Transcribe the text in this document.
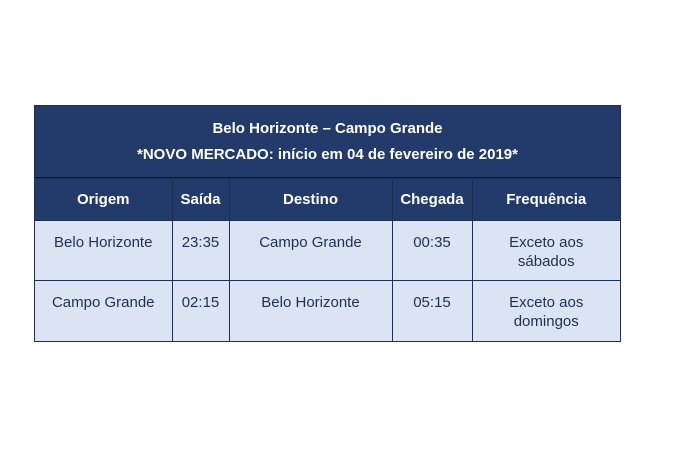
Belo Horizonte – Campo Grande
*NOVO MERCADO: início em 04 de fevereiro de 2019*
Origem	Saída	Destino	Chegada	Frequência
Belo Horizonte	23:35	Campo Grande	00:35	Exceto aos
sábados

Campo Grande	02:15	Belo Horizonte	05:15	Exceto aos
domingos
